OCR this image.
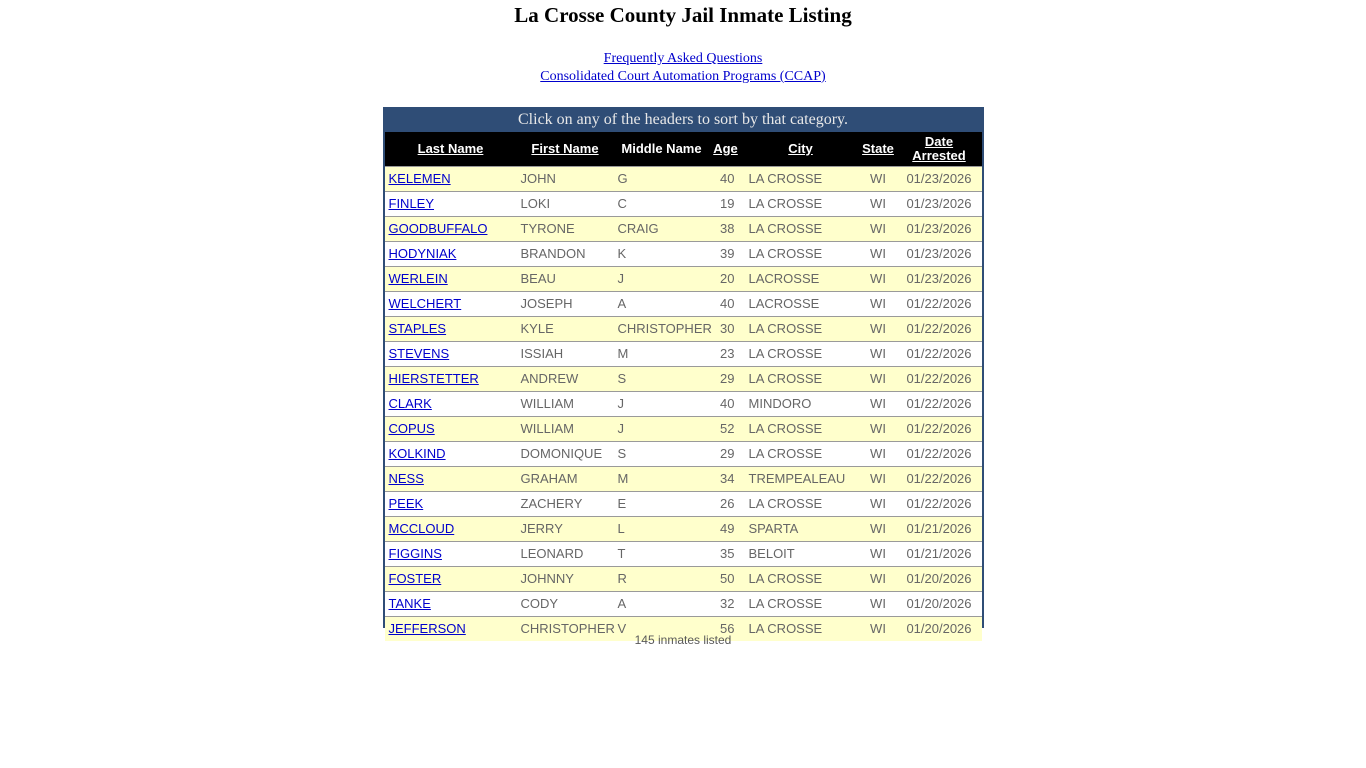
La Crosse County Jail Inmate Listing
Frequently Asked Questions
Consolidated Court Automation Programs (CCAP)
Click on any of the headers to sort by that category.
Last Name	First Name	Middle Name	Age	City	State	Date Arrested
KELEMEN	JOHN	G	40	LA CROSSE	WI	01/23/2026
FINLEY	LOKI	C	19	LA CROSSE	WI	01/23/2026
GOODBUFFALO	TYRONE	CRAIG	38	LA CROSSE	WI	01/23/2026
HODYNIAK	BRANDON	K	39	LA CROSSE	WI	01/23/2026
WERLEIN	BEAU	J	20	LACROSSE	WI	01/23/2026
WELCHERT	JOSEPH	A	40	LACROSSE	WI	01/22/2026
STAPLES	KYLE	CHRISTOPHER	30	LA CROSSE	WI	01/22/2026
STEVENS	ISSIAH	M	23	LA CROSSE	WI	01/22/2026
HIERSTETTER	ANDREW	S	29	LA CROSSE	WI	01/22/2026
CLARK	WILLIAM	J	40	MINDORO	WI	01/22/2026
COPUS	WILLIAM	J	52	LA CROSSE	WI	01/22/2026
KOLKIND	DOMONIQUE	S	29	LA CROSSE	WI	01/22/2026
NESS	GRAHAM	M	34	TREMPEALEAU	WI	01/22/2026
PEEK	ZACHERY	E	26	LA CROSSE	WI	01/22/2026
MCCLOUD	JERRY	L	49	SPARTA	WI	01/21/2026
FIGGINS	LEONARD	T	35	BELOIT	WI	01/21/2026
FOSTER	JOHNNY	R	50	LA CROSSE	WI	01/20/2026
TANKE	CODY	A	32	LA CROSSE	WI	01/20/2026
JEFFERSON	CHRISTOPHER	V	56	LA CROSSE	WI	01/20/2026
145 inmates listed
